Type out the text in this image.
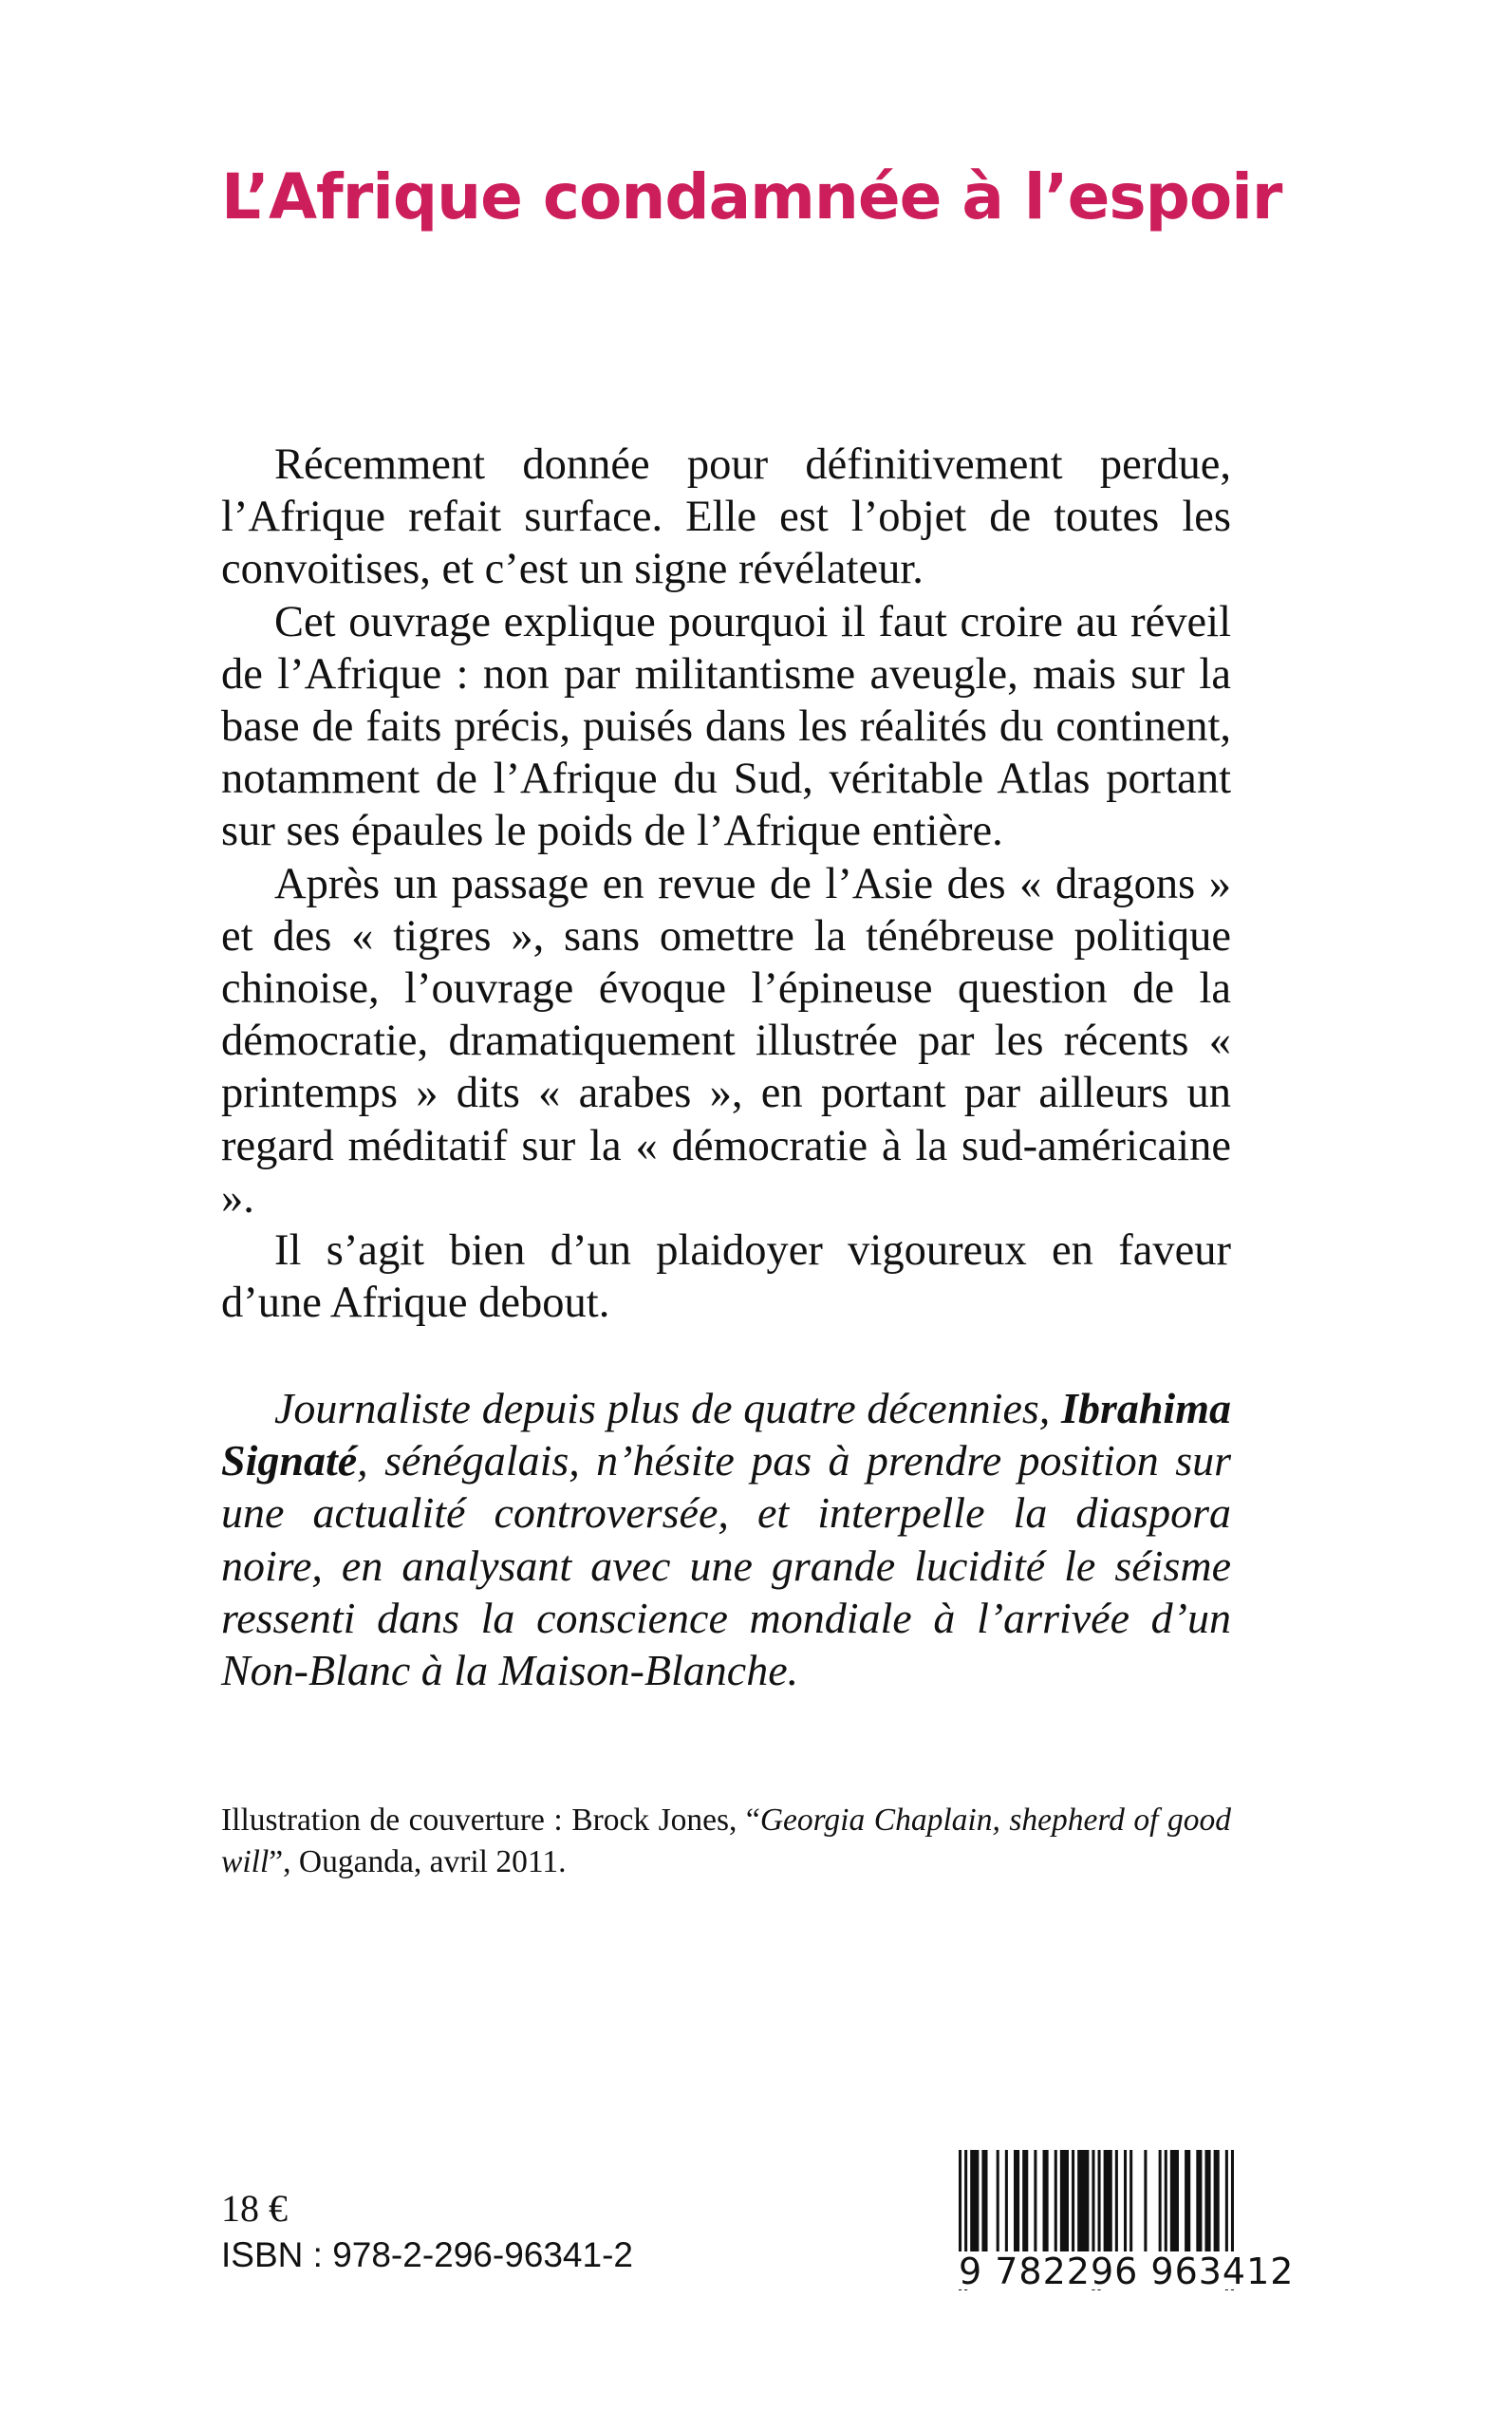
L’Afrique condamnée à l’espoir

Récemment donnée pour définitivement perdue, l’Afrique refait surface. Elle est l’objet de toutes les convoitises, et c’est un signe révélateur.

Cet ouvrage explique pourquoi il faut croire au réveil de l’Afrique : non par militantisme aveugle, mais sur la base de faits précis, puisés dans les réalités du continent, notamment de l’Afrique du Sud, véritable Atlas portant sur ses épaules le poids de l’Afrique entière.

Après un passage en revue de l’Asie des « dragons » et des « tigres », sans omettre la ténébreuse politique chinoise, l’ouvrage évoque l’épineuse question de la démocratie, dramatiquement illustrée par les récents « printemps » dits « arabes », en portant par ailleurs un regard méditatif sur la « démocratie à la sud-américaine ».

Il s’agit bien d’un plaidoyer vigoureux en faveur d’une Afrique debout.

Journaliste depuis plus de quatre décennies, Ibrahima Signaté, sénégalais, n’hésite pas à prendre position sur une actualité controversée, et interpelle la diaspora noire, en analysant avec une grande lucidité le séisme ressenti dans la conscience mondiale à l’arrivée d’un Non-Blanc à la Maison-Blanche.

Illustration de couverture : Brock Jones, “Georgia Chaplain, shepherd of good will”, Ouganda, avril 2011.

18 €

ISBN : 978-2-296-96341-2	9 782296 963412
